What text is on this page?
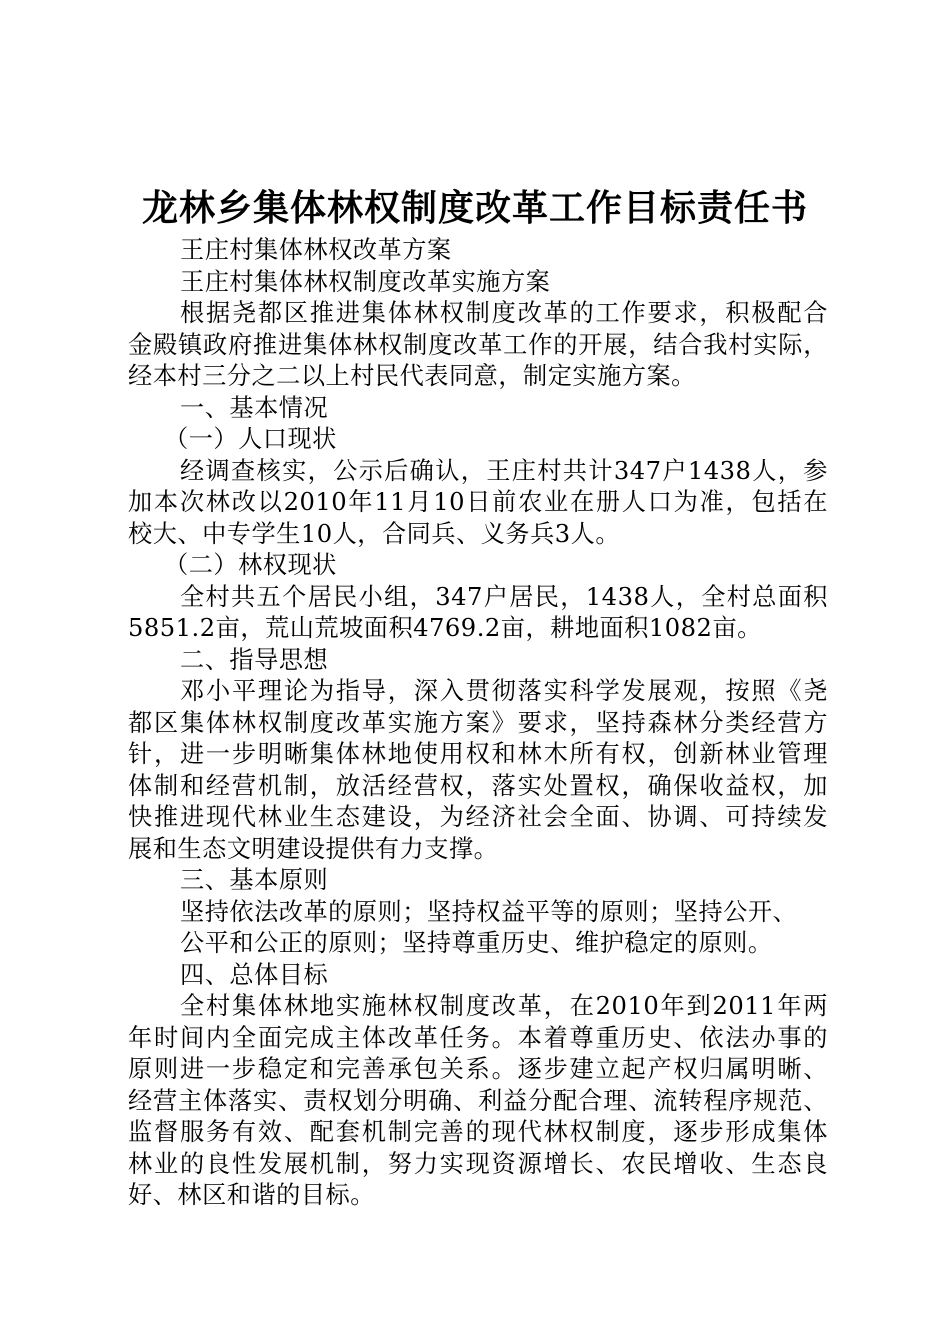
龙林乡集体林权制度改革工作目标责任书

王庄村集体林权改革方案

王庄村集体林权制度改革实施方案

根据尧都区推进集体林权制度改革的工作要求，积极配合

金殿镇政府推进集体林权制度改革工作的开展，结合我村实际，

经本村三分之二以上村民代表同意，制定实施方案。

一、基本情况

（一）人口现状

经调查核实，公示后确认，王庄村共计347户1438人，参

加本次林改以2010年11月10日前农业在册人口为准，包括在

校大、中专学生10人，合同兵、义务兵3人。

（二）林权现状

全村共五个居民小组，347户居民，1438人，全村总面积

5851.2亩，荒山荒坡面积4769.2亩，耕地面积1082亩。

二、指导思想

邓小平理论为指导，深入贯彻落实科学发展观，按照《尧

都区集体林权制度改革实施方案》要求，坚持森林分类经营方

针，进一步明晰集体林地使用权和林木所有权，创新林业管理

体制和经营机制，放活经营权，落实处置权，确保收益权，加

快推进现代林业生态建设，为经济社会全面、协调、可持续发

展和生态文明建设提供有力支撑。

三、基本原则

坚持依法改革的原则；坚持权益平等的原则；坚持公开、

公平和公正的原则；坚持尊重历史、维护稳定的原则。

四、总体目标

全村集体林地实施林权制度改革，在2010年到2011年两

年时间内全面完成主体改革任务。本着尊重历史、依法办事的

原则进一步稳定和完善承包关系。逐步建立起产权归属明晰、

经营主体落实、责权划分明确、利益分配合理、流转程序规范、

监督服务有效、配套机制完善的现代林权制度，逐步形成集体

林业的良性发展机制，努力实现资源增长、农民增收、生态良

好、林区和谐的目标。
